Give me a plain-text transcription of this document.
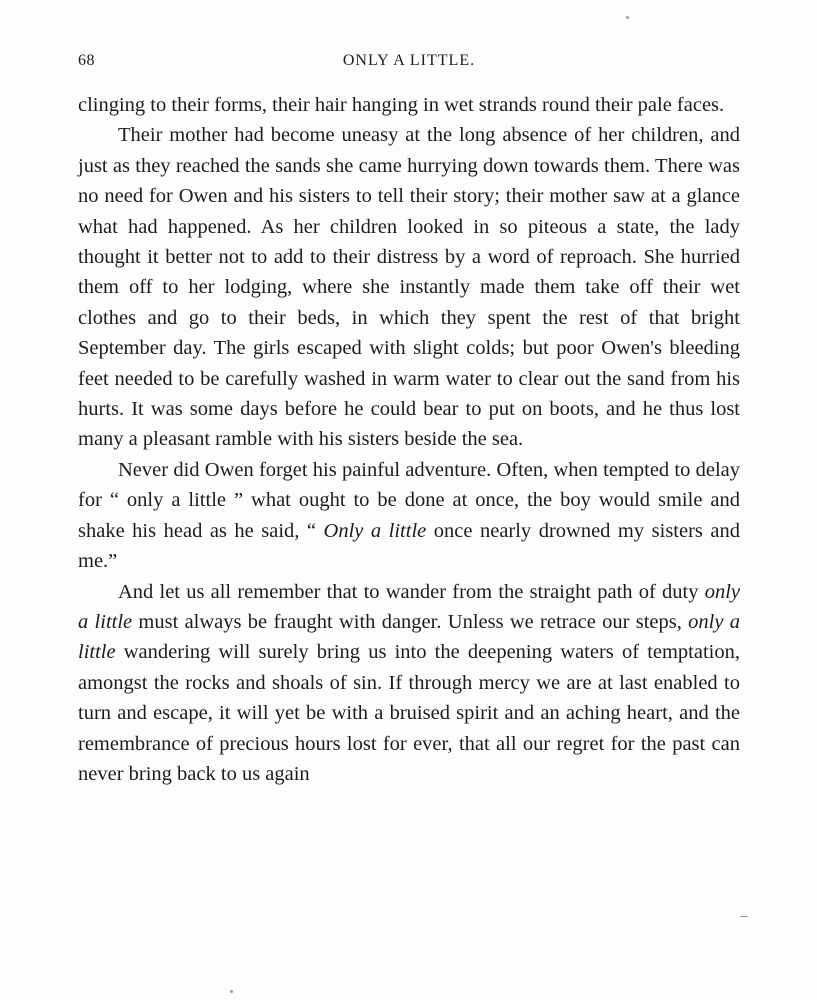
68	ONLY A LITTLE.

clinging to their forms, their hair hanging in wet strands round their pale faces.

Their mother had become uneasy at the long absence of her children, and just as they reached the sands she came hurrying down towards them. There was no need for Owen and his sisters to tell their story; their mother saw at a glance what had happened. As her children looked in so piteous a state, the lady thought it better not to add to their distress by a word of reproach. She hurried them off to her lodging, where she instantly made them take off their wet clothes and go to their beds, in which they spent the rest of that bright September day. The girls escaped with slight colds; but poor Owen's bleeding feet needed to be carefully washed in warm water to clear out the sand from his hurts. It was some days before he could bear to put on boots, and he thus lost many a pleasant ramble with his sisters beside the sea.

Never did Owen forget his painful adventure. Often, when tempted to delay for “ only a little ” what ought to be done at once, the boy would smile and shake his head as he said, “ Only a little once nearly drowned my sisters and me.”

And let us all remember that to wander from the straight path of duty only a little must always be fraught with danger. Unless we retrace our steps, only a little wandering will surely bring us into the deepening waters of temptation, amongst the rocks and shoals of sin. If through mercy we are at last enabled to turn and escape, it will yet be with a bruised spirit and an aching heart, and the remembrance of precious hours lost for ever, that all our regret for the past can never bring back to us again
